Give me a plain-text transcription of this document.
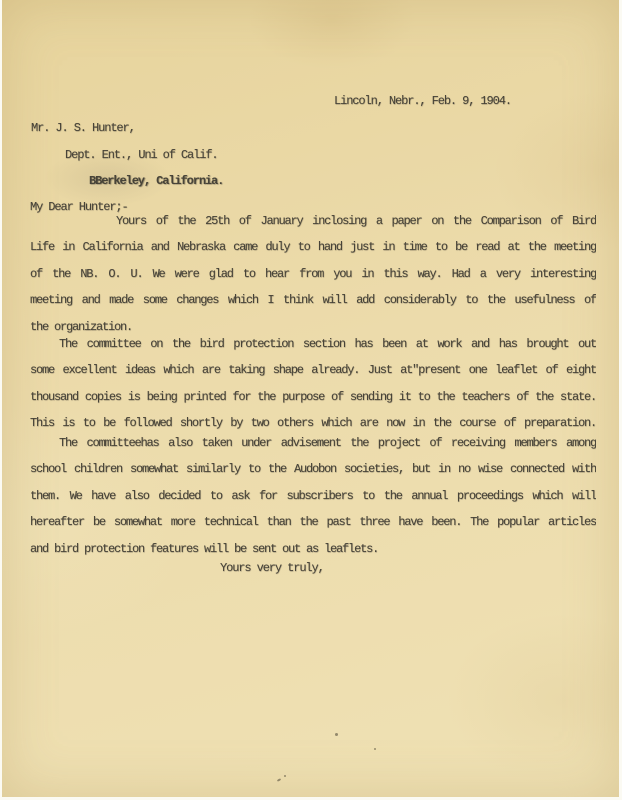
Lincoln, Nebr., Feb. 9, 1904.
Mr. J. S. Hunter,
Dept. Ent., Uni of Calif.
BBerkeley, California.
My Dear Hunter;-
Yours of the 25th of January inclosing a paper on the Comparison of Bird
Life in California and Nebraska came duly to hand just in time to be read at the meeting
of the NB. O. U. We were glad to hear from you in this way. Had a very interesting
meeting and made some changes which I think will add considerably to the usefulness of
the organization.
The committee on the bird protection section has been at work and has brought out
some excellent ideas which are taking shape already. Just at"present one leaflet of eight
thousand copies is being printed for the purpose of sending it to the teachers of the state.
This is to be followed shortly by two others which are now in the course of preparation.
The committeehas also taken under advisement the project of receiving members among
school children somewhat similarly to the Audobon societies, but in no wise connected with
them. We have also decided to ask for subscribers to the annual proceedings which will
hereafter be somewhat more technical than the past three have been. The popular articles
and bird protection features will be sent out as leaflets.
Yours very truly,
